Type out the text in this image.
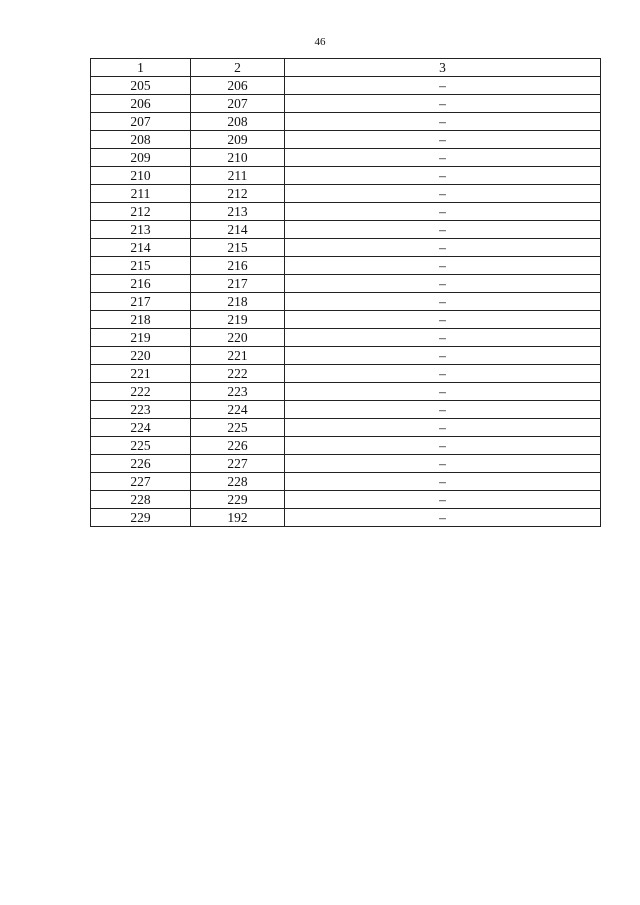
46
1	2	3
205	206	–
206	207	–
207	208	–
208	209	–
209	210	–
210	211	–
211	212	–
212	213	–
213	214	–
214	215	–
215	216	–
216	217	–
217	218	–
218	219	–
219	220	–
220	221	–
221	222	–
222	223	–
223	224	–
224	225	–
225	226	–
226	227	–
227	228	–
228	229	–
229	192	–
